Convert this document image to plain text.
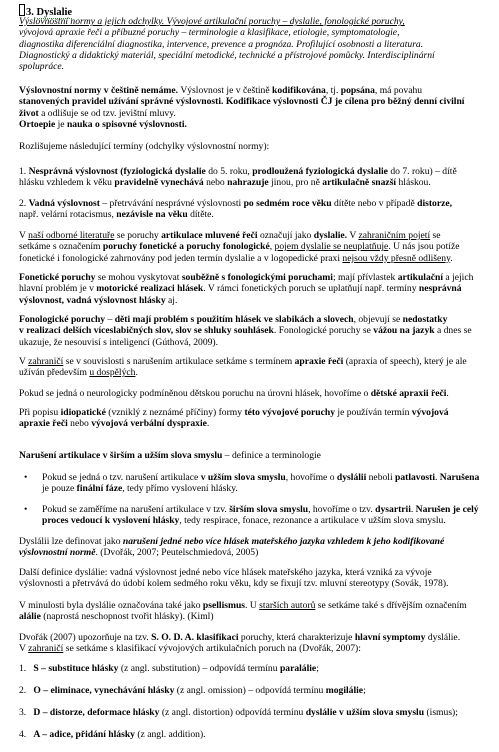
3. Dyslalie
Výslovnostní normy a jejich odchylky. Vývojové artikulační poruchy – dyslalie, fonologické poruchy,
vývojová apraxie řeči a příbuzné poruchy – terminologie a klasifikace, etiologie, symptomatologie,
diagnostika diferenciální diagnostika, intervence, prevence a prognóza. Profilující osobnosti a literatura.
Diagnostický a didaktický materiál, speciální metodické, technické a přístrojové pomůcky. Interdisciplinární
spolupráce.
Výslovnostní normy v češtině nemáme. Výslovnost je v češtině kodifikována, tj. popsána, má povahu
stanovených pravidel užívání správné výslovnosti. Kodifikace výslovnosti ČJ je cílena pro běžný denní civilní
život a odlišuje se od tzv. jevištní mluvy.
Ortoepie je nauka o spisovné výslovnosti.
Rozlišujeme následující termíny (odchylky výslovnostní normy):
1. Nesprávná výslovnost (fyziologická dyslalie do 5. roku, prodloužená fyziologická dyslalie do 7. roku) – dítě
hlásku vzhledem k věku pravidelně vynechává nebo nahrazuje jinou, pro ně artikulačně snazší hláskou.
2. Vadná výslovnost – přetrvávání nesprávné výslovnosti po sedmém roce věku dítěte nebo v případě distorze,
např. velární rotacismus, nezávisle na věku dítěte.
V naší odborné literatuře se poruchy artikulace mluvené řeči označují jako dyslalie. V zahraničním pojetí se
setkáme s označením poruchy fonetické a poruchy fonologické, pojem dyslalie se neuplatňuje. U nás jsou potíže
fonetické i fonologické zahrnovány pod jeden termín dyslalie a v logopedické praxi nejsou vždy přesně odlišeny.
Fonetické poruchy se mohou vyskytovat souběžně s fonologickými poruchami; mají přívlastek artikulační a jejich
hlavní problém je v motorické realizaci hlásek. V rámci fonetických poruch se uplatňují např. termíny nesprávná
výslovnost, vadná výslovnost hlásky aj.
Fonologické poruchy – děti mají problém s použitím hlásek ve slabikách a slovech, objevují se nedostatky
v realizaci delších víceslabičných slov, slov se shluky souhlásek. Fonologické poruchy se vážou na jazyk a dnes se
ukazuje, že nesouvisí s inteligencí (Gúthová, 2009).
V zahraničí se v souvislosti s narušením artikulace setkáme s termínem apraxie řeči (apraxia of speech), který je ale
užíván především u dospělých.
Pokud se jedná o neurologicky podmíněnou dětskou poruchu na úrovni hlásek, hovoříme o dětské apraxii řeči.
Při popisu idiopatické (vzniklý z neznámé příčiny) formy této vývojové poruchy je používán termín vývojová
apraxie řeči nebo vývojová verbální dyspraxie.
Narušení artikulace v širším a užším slova smyslu – definice a terminologie
• Pokud se jedná o tzv. narušení artikulace v užším slova smyslu, hovoříme o dyslálii neboli patlavosti. Narušena
je pouze finální fáze, tedy přímo vyslovení hlásky.
• Pokud se zaměříme na narušení artikulace v tzv. širším slova smyslu, hovoříme o tzv. dysartrii. Narušen je celý
proces vedoucí k vyslovení hlásky, tedy respirace, fonace, rezonance a artikulace v užším slova smyslu.
Dyslálii lze definovat jako narušení jedné nebo více hlásek mateřského jazyka vzhledem k jeho kodifikované
výslovnostní normě. (Dvořák, 2007; Peutelschmiedová, 2005)
Další definice dyslálie: vadná výslovnost jedné nebo více hlásek mateřského jazyka, která vzniká za vývoje
výslovnosti a přetrvává do údobí kolem sedmého roku věku, kdy se fixují tzv. mluvní stereotypy (Sovák, 1978).
V minulosti byla dyslálie označována také jako psellismus. U starších autorů se setkáme také s dřívějším označením
alálie (naprostá neschopnost tvořit hlásky). (Kiml)
Dvořák (2007) upozorňuje na tzv. S. O. D. A. klasifikaci poruchy, která charakterizuje hlavní symptomy dyslálie.
V zahraničí se setkáme s klasifikací vývojových artikulačních poruch na (Dvořák, 2007):
1. S – substituce hlásky (z angl. substitution) – odpovídá termínu paralálie;
2. O – eliminace, vynechávání hlásky (z angl. omission) – odpovídá termínu mogilálie;
3. D – distorze, deformace hlásky (z angl. distortion) odpovídá termínu dyslálie v užším slova smyslu (ismus);
4. A – adice, přidání hlásky (z angl. addition).
